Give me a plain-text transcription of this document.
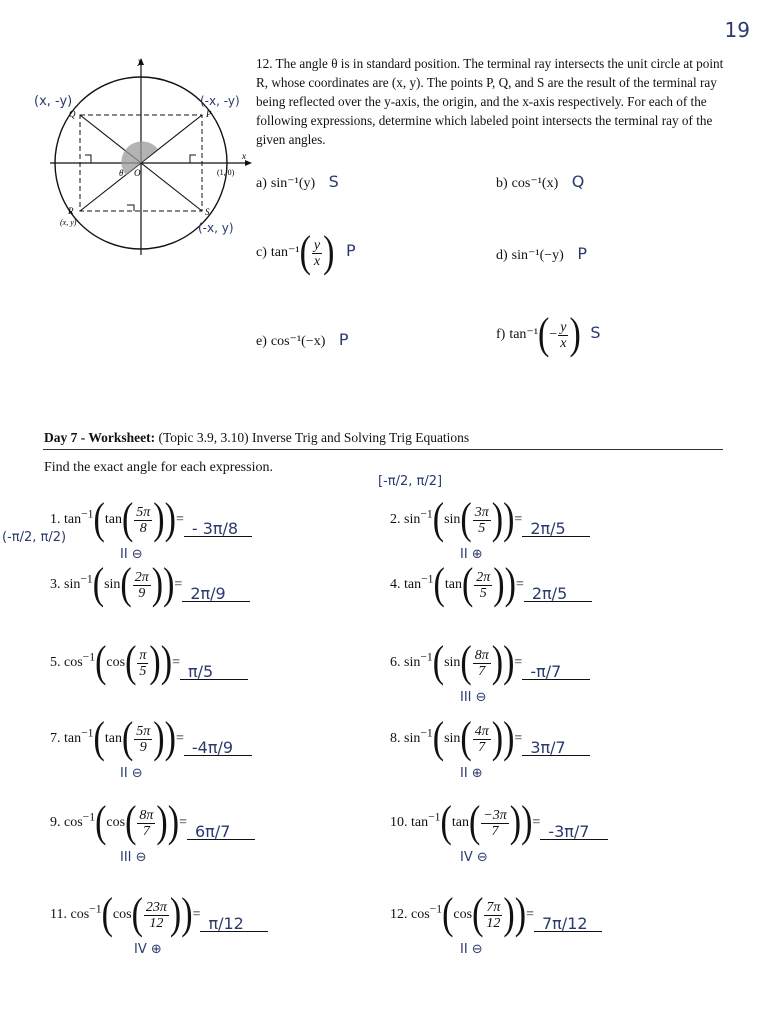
19
y
x
Q	P
R	S
(x, y)
(1, 0)
θ O
(x, -y)	(-x, -y)
(-x, y)
12. The angle θ is in standard position. The terminal ray intersects the unit circle at point R, whose coordinates are (x, y). The points P, Q, and S are the result of the terminal ray being reflected over the y-axis, the origin, and the x-axis respectively. For each of the following expressions, determine which labeled point intersects the terminal ray of the given angles.
a) sin⁻¹(y) S	b) cos⁻¹(x) Q
c) $\tan^{-1}( \frac{y}{x}$ ) P	d) sin⁻¹(−y) P
e) cos⁻¹(−x) P	f) $\tan^{-1}(- \frac{y}{x}$ ) S
Day 7 - Worksheet: (Topic 3.9, 3.10) Inverse Trig and Solving Trig Equations
Find the exact angle for each expression.
(-π/2, π/2)
[-π/2, π/2]
1. $\tan^{-1}(\tan( \frac{5\pi}{8}$ ))= - 3π/8
II ⊖
2. $\sin^{-1}(\sin( \frac{3\pi}{5}$ ))= 2π/5
II ⊕
3. $\sin^{-1}(\sin( \frac{2\pi}{9}$ ))= 2π/9	4. $\tan^{-1}(\tan( \frac{2\pi}{5}$ ))= 2π/5
5. $\cos^{-1}(\cos( \frac{\pi}{5}$ ))= π/5	6. $\sin^{-1}(\sin( \frac{8\pi}{7}$ ))= -π/7
III ⊖
7. $\tan^{-1}(\tan( \frac{5\pi}{9}$ ))= -4π/9
II ⊖
8. $\sin^{-1}(\sin( \frac{4\pi}{7}$ ))= 3π/7
II ⊕
9. $\cos^{-1}(\cos( \frac{8\pi}{7}$ ))= 6π/7
III ⊖
10. $\tan^{-1}(\tan( \frac{-3\pi}{7}$ ))= -3π/7
IV ⊖
11. $\cos^{-1}(\cos( \frac{23\pi}{12}$ ))= π/12
IV ⊕
12. $\cos^{-1}(\cos( \frac{7\pi}{12}$ ))= 7π/12
II ⊖
